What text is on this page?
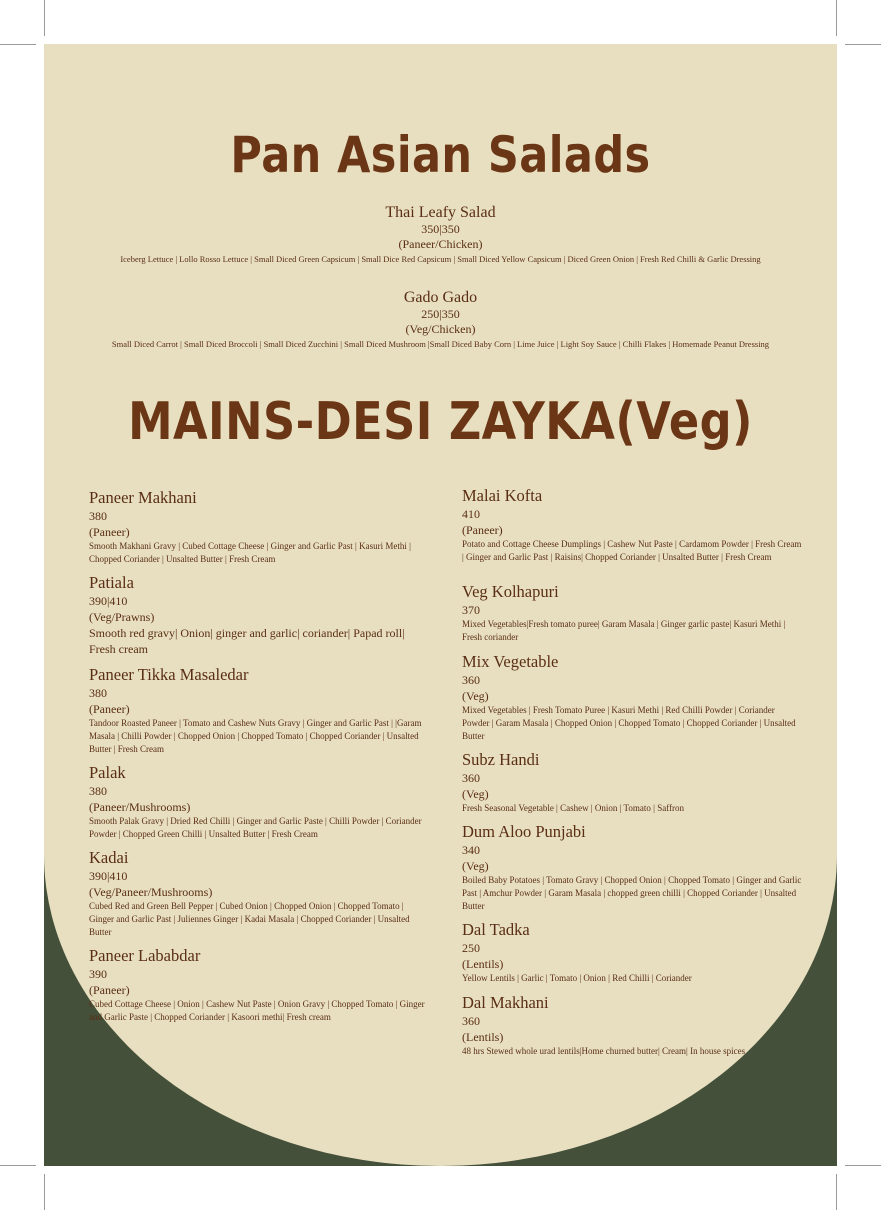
Pan Asian Salads
Thai Leafy Salad
350|350
(Paneer/Chicken)
Iceberg Lettuce | Lollo Rosso Lettuce | Small Diced Green Capsicum | Small Dice Red Capsicum | Small Diced Yellow Capsicum | Diced Green Onion | Fresh Red Chilli & Garlic Dressing
Gado Gado
250|350
(Veg/Chicken)
Small Diced Carrot | Small Diced Broccoli | Small Diced Zucchini | Small Diced Mushroom |Small Diced Baby Corn | Lime Juice | Light Soy Sauce | Chilli Flakes | Homemade Peanut Dressing
MAINS-DESI ZAYKA(Veg)
Paneer Makhani
380
(Paneer)
Smooth Makhani Gravy | Cubed Cottage Cheese | Ginger and Garlic Past | Kasuri Methi | Chopped Coriander | Unsalted Butter | Fresh Cream
Patiala
390|410
(Veg/Prawns)
Smooth red gravy| Onion| ginger and garlic| coriander| Papad roll| Fresh cream
Paneer Tikka Masaledar
380
(Paneer)
Tandoor Roasted Paneer | Tomato and Cashew Nuts Gravy | Ginger and Garlic Past | |Garam Masala | Chilli Powder | Chopped Onion | Chopped Tomato | Chopped Coriander | Unsalted Butter | Fresh Cream
Palak
380
(Paneer/Mushrooms)
Smooth Palak Gravy | Dried Red Chilli | Ginger and Garlic Paste | Chilli Powder | Coriander Powder | Chopped Green Chilli | Unsalted Butter | Fresh Cream
Kadai
390|410
(Veg/Paneer/Mushrooms)
Cubed Red and Green Bell Pepper | Cubed Onion | Chopped Onion | Chopped Tomato | Ginger and Garlic Past | Juliennes Ginger | Kadai Masala | Chopped Coriander | Unsalted Butter
Paneer Lababdar
390
(Paneer)
Cubed Cottage Cheese | Onion | Cashew Nut Paste | Onion Gravy | Chopped Tomato | Ginger and Garlic Paste | Chopped Coriander | Kasoori methi| Fresh cream
Malai Kofta
410
(Paneer)
Potato and Cottage Cheese Dumplings | Cashew Nut Paste | Cardamom Powder | Fresh Cream | Ginger and Garlic Past | Raisins| Chopped Coriander | Unsalted Butter | Fresh Cream
Veg Kolhapuri
370
Mixed Vegetables|Fresh tomato puree| Garam Masala | Ginger garlic paste| Kasuri Methi | Fresh coriander
Mix Vegetable
360
(Veg)
Mixed Vegetables | Fresh Tomato Puree | Kasuri Methi | Red Chilli Powder | Coriander Powder | Garam Masala | Chopped Onion | Chopped Tomato | Chopped Coriander | Unsalted Butter
Subz Handi
360
(Veg)
Fresh Seasonal Vegetable | Cashew | Onion | Tomato | Saffron
Dum Aloo Punjabi
340
(Veg)
Boiled Baby Potatoes | Tomato Gravy | Chopped Onion | Chopped Tomato | Ginger and Garlic Past | Amchur Powder | Garam Masala | chopped green chilli | Chopped Coriander | Unsalted Butter
Dal Tadka
250
(Lentils)
Yellow Lentils | Garlic | Tomato | Onion | Red Chilli | Coriander
Dal Makhani
360
(Lentils)
48 hrs Stewed whole urad lentils|Home churned butter| Cream| In house spices
